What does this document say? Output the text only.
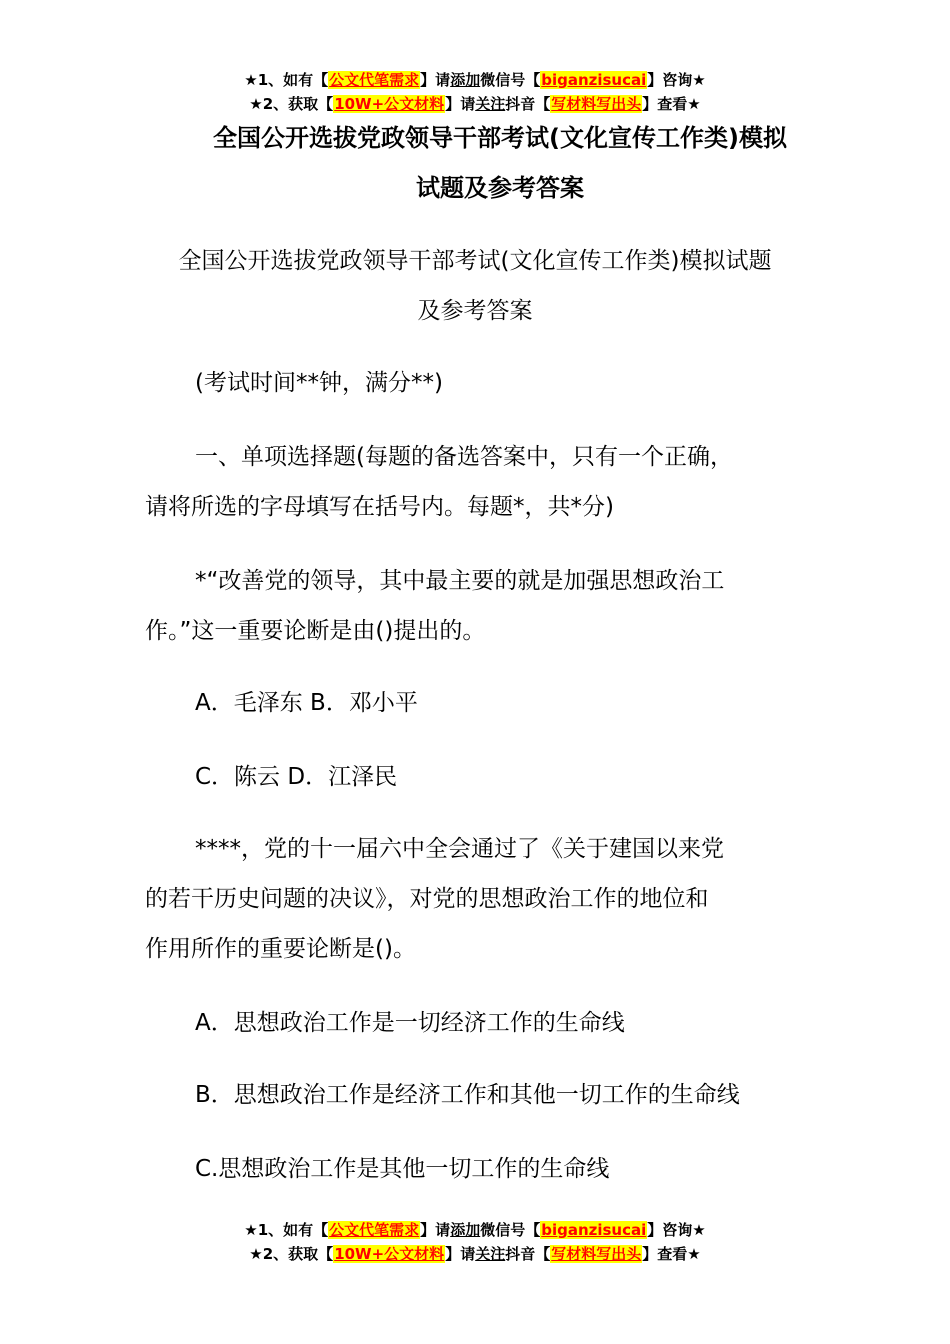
★1、如有【公文代笔需求】请添加微信号【biganzisucai】咨询★
★2、获取【10W+公文材料】请关注抖音【写材料写出头】查看★
全国公开选拔党政领导干部考试(文化宣传工作类)模拟
试题及参考答案
全国公开选拔党政领导干部考试(文化宣传工作类)模拟试题
及参考答案
(考试时间**钟，满分**)
一、单项选择题(每题的备选答案中，只有一个正确，
请将所选的字母填写在括号内。每题*，共*分)
*“改善党的领导，其中最主要的就是加强思想政治工
作。”这一重要论断是由()提出的。
A．毛泽东 B．邓小平
C．陈云 D．江泽民
****，党的十一届六中全会通过了《关于建国以来党
的若干历史问题的决议》，对党的思想政治工作的地位和
作用所作的重要论断是()。
A．思想政治工作是一切经济工作的生命线
B．思想政治工作是经济工作和其他一切工作的生命线
C.思想政治工作是其他一切工作的生命线
★1、如有【公文代笔需求】请添加微信号【biganzisucai】咨询★
★2、获取【10W+公文材料】请关注抖音【写材料写出头】查看★
